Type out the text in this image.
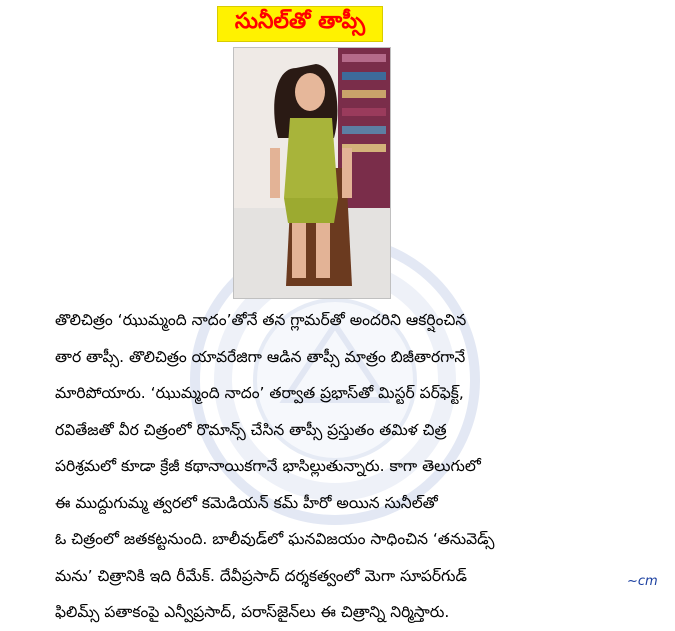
సునీల్‌తో తాప్సీ
తొలిచిత్రం ‘ఝుమ్మంది నాదం’తోనే తన గ్లామర్‌తో అందరిని ఆకర్షించిన
తార తాప్సీ. తొలిచిత్రం యావరేజిగా ఆడిన తాప్సీ మాత్రం బిజీతారగానే
మారిపోయారు. ‘ఝుమ్మంది నాదం’ తర్వాత ప్రభాస్‌తో మిస్టర్ పర్‌ఫెక్ట్,
రవితేజతో వీర చిత్రంలో రొమాన్స్ చేసిన తాప్సీ ప్రస్తుతం తమిళ చిత్ర
పరిశ్రమలో కూడా క్రేజీ కథానాయికగానే భాసిల్లుతున్నారు. కాగా తెలుగులో
ఈ ముద్దుగుమ్మ త్వరలో కమెడియన్ కమ్ హీరో అయిన సునీల్‌తో
ఓ చిత్రంలో జతకట్టనుంది. బాలీవుడ్‌లో ఘనవిజయం సాధించిన ‘తనువెడ్స్
మను’ చిత్రానికి ఇది రీమేక్. దేవీప్రసాద్ దర్శకత్వంలో మెగా సూపర్‌గుడ్
ఫిలిమ్స్ పతాకంపై ఎన్వీప్రసాద్, పరాస్‌జైన్‌లు ఈ చిత్రాన్ని నిర్మిస్తారు.
~cm
